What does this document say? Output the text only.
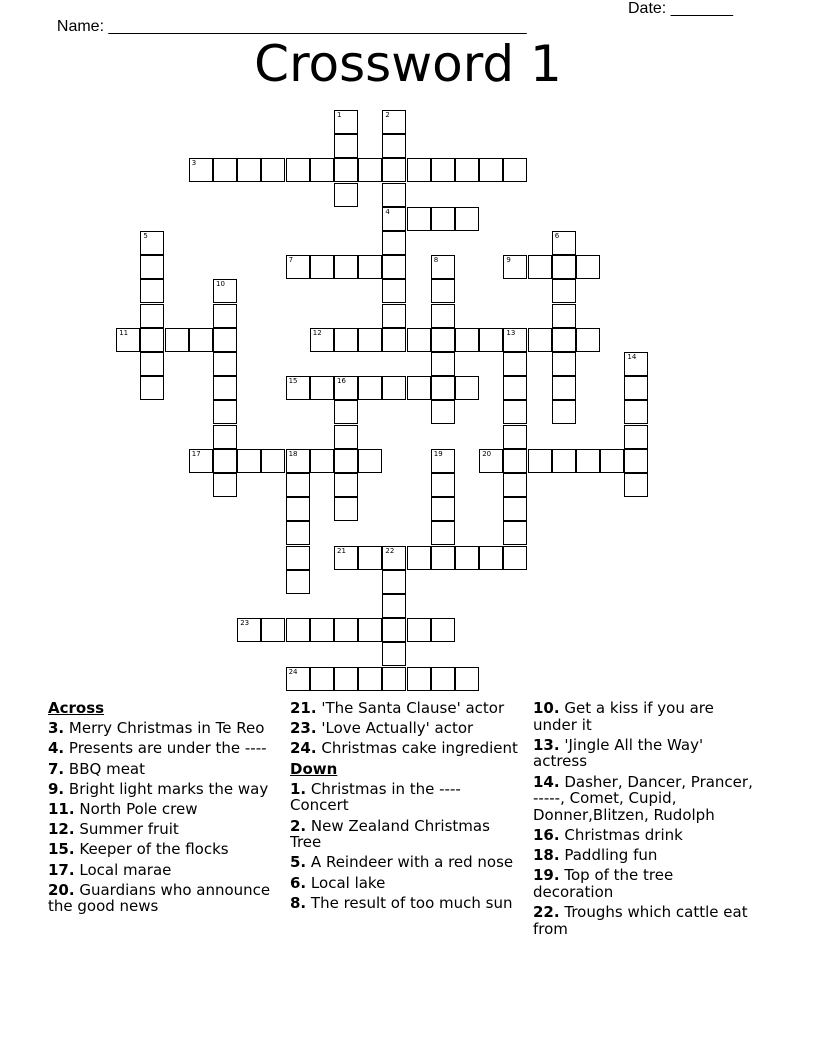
Name: _______________________________________________

Date: _______

Crossword 1
1	2
4
3
5	6
7	8	9
10
11	12	13
14
15	16
17	18	19	20
21	22
23
24
Across
3. Merry Christmas in Te Reo
4. Presents are under the ----
7. BBQ meat
9. Bright light marks the way
11. North Pole crew
12. Summer fruit
15. Keeper of the flocks
17. Local marae
20. Guardians who announce the good news
21. 'The Santa Clause' actor
23. 'Love Actually' actor
24. Christmas cake ingredient
Down
1. Christmas in the ---- Concert
2. New Zealand Christmas Tree
5. A Reindeer with a red nose
6. Local lake
8. The result of too much sun
10. Get a kiss if you are under it
13. 'Jingle All the Way' actress
14. Dasher, Dancer, Prancer, -----, Comet, Cupid, Donner,Blitzen, Rudolph
16. Christmas drink
18. Paddling fun
19. Top of the tree decoration
22. Troughs which cattle eat from
